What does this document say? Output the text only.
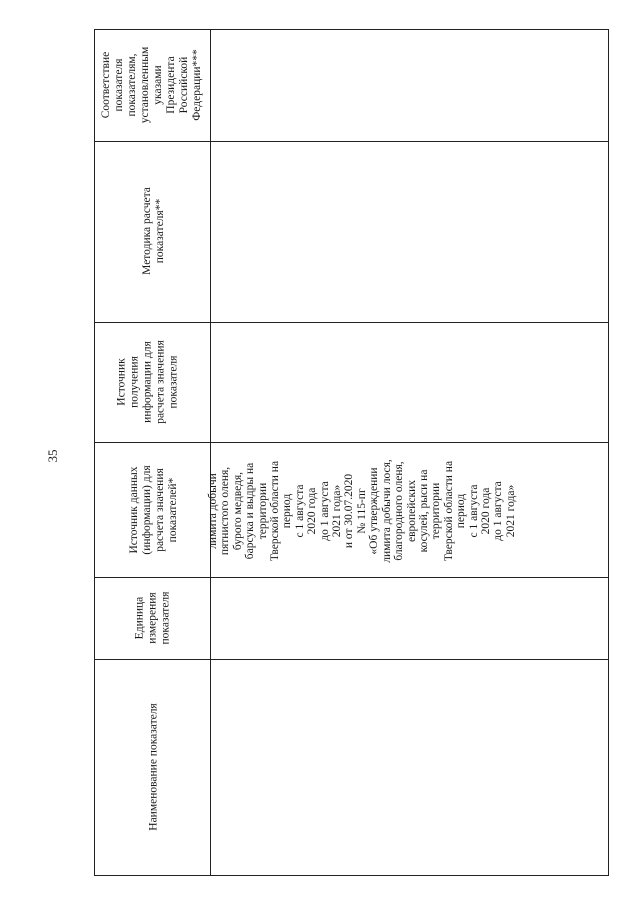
35
Соответствие показателя показателям, установленным указами Президента Российской Федерации***
Методика расчета показателя**
Источник получения информации для расчета значения показателя
Источник данных (информации) для расчета значения показателей*
Единица измерения показателя
Наименование показателя
лимита добычи пятнистого оленя, бурого медведя, барсука и выдры на территории Тверской области на период с 1 августа 2020 года до 1 августа 2021 года» и от 30.07.2020 № 115-пг «Об утверждении лимита добычи лося, благородного оленя, европейских косулей, рыси на территории Тверской области на период с 1 августа 2020 года до 1 августа 2021 года»
